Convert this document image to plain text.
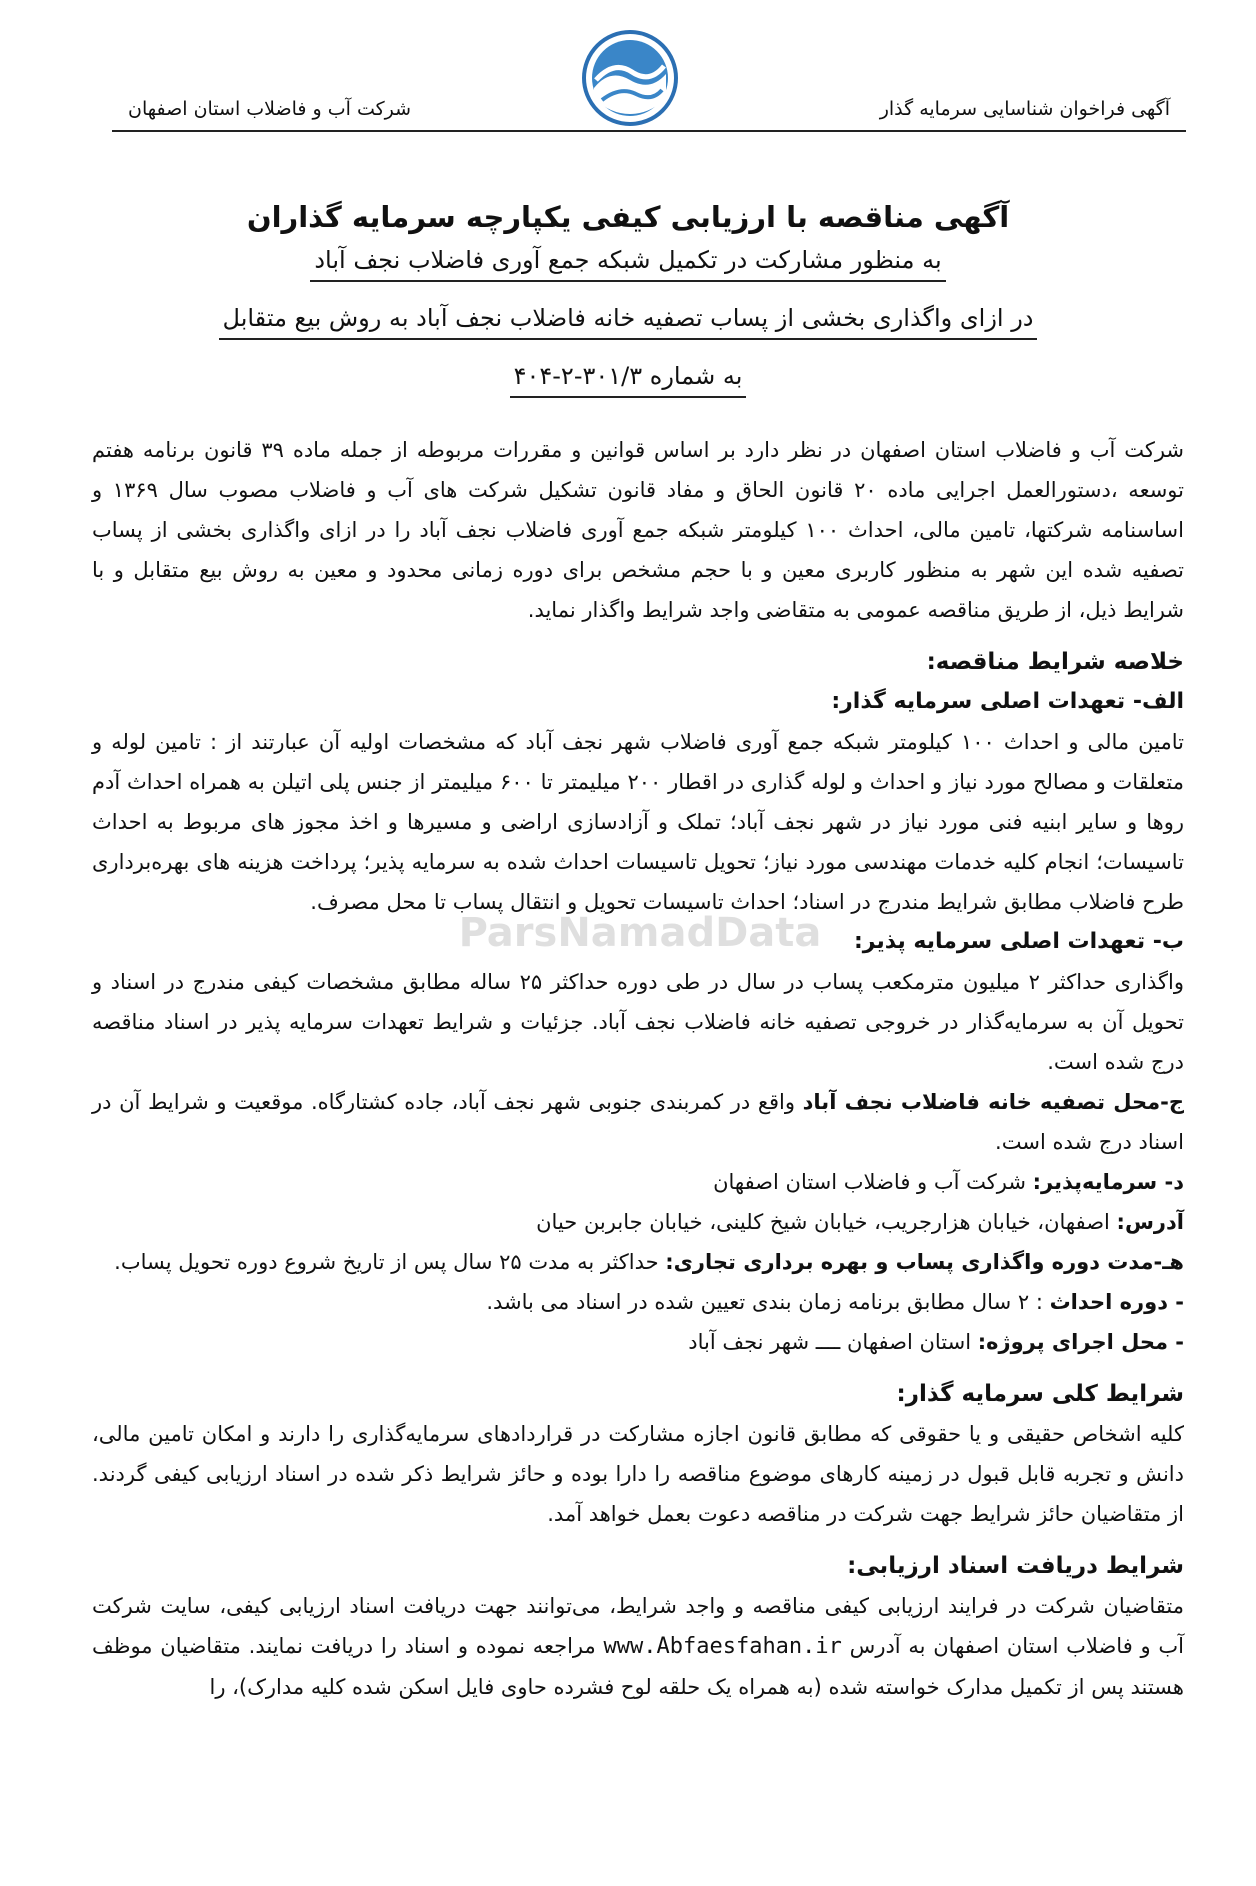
آگهی فراخوان شناسایی سرمایه گذار
شرکت آب و فاضلاب استان اصفهان
آگهی مناقصه با ارزیابی کیفی یکپارچه سرمایه گذاران
به منظور مشارکت در تکمیل شبکه جمع آوری فاضلاب نجف آباد
در ازای واگذاری بخشی از پساب تصفیه خانه فاضلاب نجف آباد به روش بیع متقابل
به شماره ۳۰۱/۳-۲-۴۰۴
ParsNamadData

شرکت آب و فاضلاب استان اصفهان در نظر دارد بر اساس قوانین و مقررات مربوطه از جمله ماده ۳۹ قانون برنامه هفتم توسعه ،دستورالعمل اجرایی ماده ۲۰ قانون الحاق و مفاد قانون تشکیل شرکت های آب و فاضلاب مصوب سال ۱۳۶۹ و اساسنامه شرکتها، تامین مالی، احداث ۱۰۰ کیلومتر شبکه جمع آوری فاضلاب نجف آباد را در ازای واگذاری بخشی از پساب تصفیه شده این شهر به منظور کاربری معین و با حجم مشخص برای دوره زمانی محدود و معین به روش بیع متقابل و با شرایط ذیل، از طریق مناقصه عمومی به متقاضی واجد شرایط واگذار نماید.

خلاصه شرایط مناقصه:

الف- تعهدات اصلی سرمایه گذار:

تامین مالی و احداث ۱۰۰ کیلومتر شبکه جمع آوری فاضلاب شهر نجف آباد که مشخصات اولیه آن عبارتند از : تامین لوله و متعلقات و مصالح مورد نیاز و احداث و لوله گذاری در اقطار ۲۰۰ میلیمتر تا ۶۰۰ میلیمتر از جنس پلی اتیلن به همراه احداث آدم روها و سایر ابنیه فنی مورد نیاز در شهر نجف آباد؛ تملک و آزادسازی اراضی و مسیرها و اخذ مجوز های مربوط به احداث تاسیسات؛ انجام کلیه خدمات مهندسی مورد نیاز؛ تحویل تاسیسات احداث شده به سرمایه پذیر؛ پرداخت هزینه های بهره‌برداری طرح فاضلاب مطابق شرایط مندرج در اسناد؛ احداث تاسیسات تحویل و انتقال پساب تا محل مصرف.

ب- تعهدات اصلی سرمایه پذیر:

واگذاری حداکثر ۲ میلیون مترمکعب پساب در سال در طی دوره حداکثر ۲۵ ساله مطابق مشخصات کیفی مندرج در اسناد و تحویل آن به سرمایه‌گذار در خروجی تصفیه خانه فاضلاب نجف آباد. جزئیات و شرایط تعهدات سرمایه پذیر در اسناد مناقصه درج شده است.

ج-محل تصفیه خانه فاضلاب نجف آباد واقع در کمربندی جنوبی شهر نجف آباد، جاده کشتارگاه. موقعیت و شرایط آن در اسناد درج شده است.

د- سرمایه‌پذیر: شرکت آب و فاضلاب استان اصفهان

آدرس: اصفهان، خیابان هزارجریب، خیابان شیخ کلینی، خیابان جابربن حیان

هـ-مدت دوره واگذاری پساب و بهره برداری تجاری: حداکثر به مدت ۲۵ سال پس از تاریخ شروع دوره تحویل پساب.

- دوره احداث : ۲ سال مطابق برنامه زمان بندی تعیین شده در اسناد می باشد.

- محل اجرای پروژه: استان اصفهان ــــ شهر نجف آباد

شرایط کلی سرمایه گذار:

کلیه اشخاص حقیقی و یا حقوقی که مطابق قانون اجازه مشارکت در قراردادهای سرمایه‌گذاری را دارند و امکان تامین مالی، دانش و تجربه قابل قبول در زمینه کارهای موضوع مناقصه را دارا بوده و حائز شرایط ذکر شده در اسناد ارزیابی کیفی گردند. از متقاضیان حائز شرایط جهت شرکت در مناقصه دعوت بعمل خواهد آمد.

شرایط دریافت اسناد ارزیابی:

متقاضیان شرکت در فرایند ارزیابی کیفی مناقصه و واجد شرایط، می‌توانند جهت دریافت اسناد ارزیابی کیفی، سایت شرکت آب و فاضلاب استان اصفهان به آدرس www.Abfaesfahan.ir مراجعه نموده و اسناد را دریافت نمایند. متقاضیان موظف هستند پس از تکمیل مدارک خواسته شده (به همراه یک حلقه لوح فشرده حاوی فایل اسکن شده کلیه مدارک)، را
